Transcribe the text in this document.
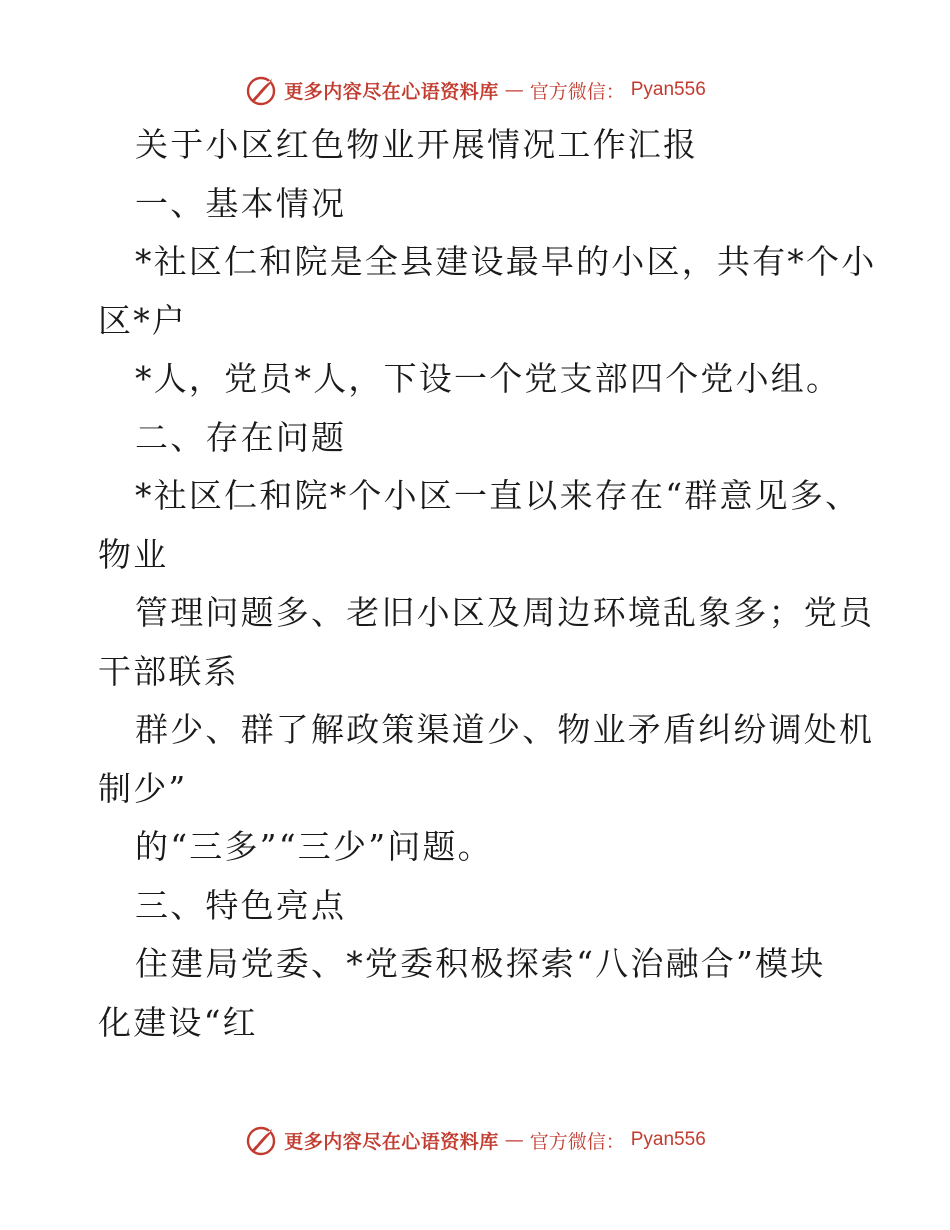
更多内容尽在心语资料库 — 官方微信： Pyan556
关于小区红色物业开展情况工作汇报
一、基本情况
*社区仁和院是全县建设最早的小区，共有*个小
区*户
*人，党员*人，下设一个党支部四个党小组。
二、存在问题
*社区仁和院*个小区一直以来存在“群意见多、
物业
管理问题多、老旧小区及周边环境乱象多；党员
干部联系
群少、群了解政策渠道少、物业矛盾纠纷调处机
制少”
的“三多”“三少”问题。
三、特色亮点
住建局党委、*党委积极探索“八治融合”模块
化建设“红
更多内容尽在心语资料库 — 官方微信： Pyan556
